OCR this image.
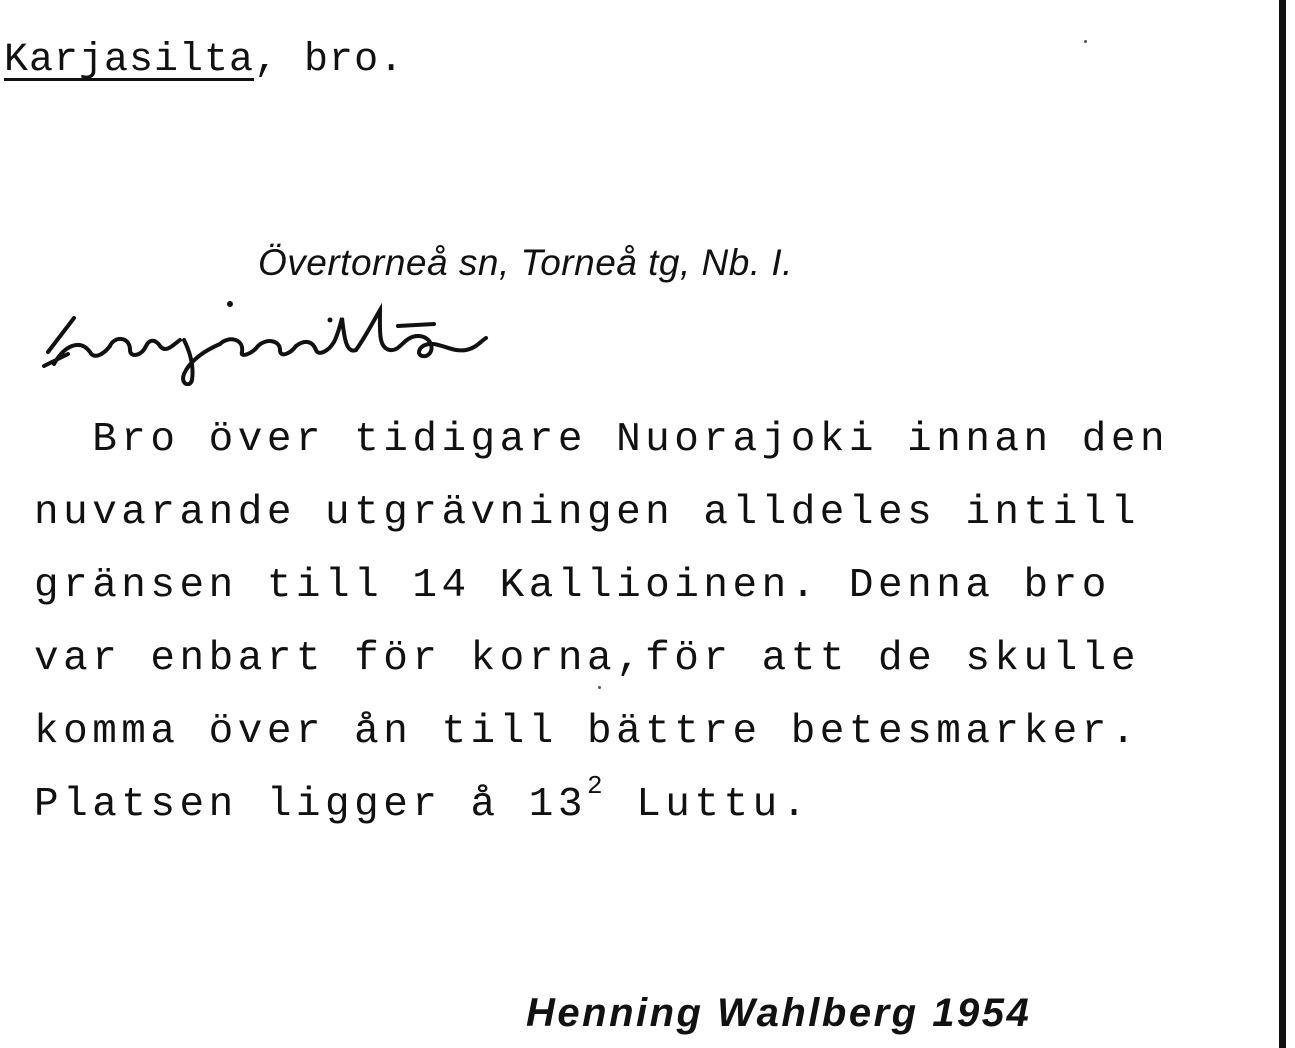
Karjasilta, bro.
Övertorneå sn, Torneå tg, Nb. I.
Bro över tidigare Nuorajoki innan den
nuvarande utgrävningen alldeles intill
gränsen till 14 Kallioinen. Denna bro
var enbart för korna,för att de skulle
komma över ån till bättre betesmarker.
Platsen ligger å $13^2$ Luttu.
Henning Wahlberg 1954
